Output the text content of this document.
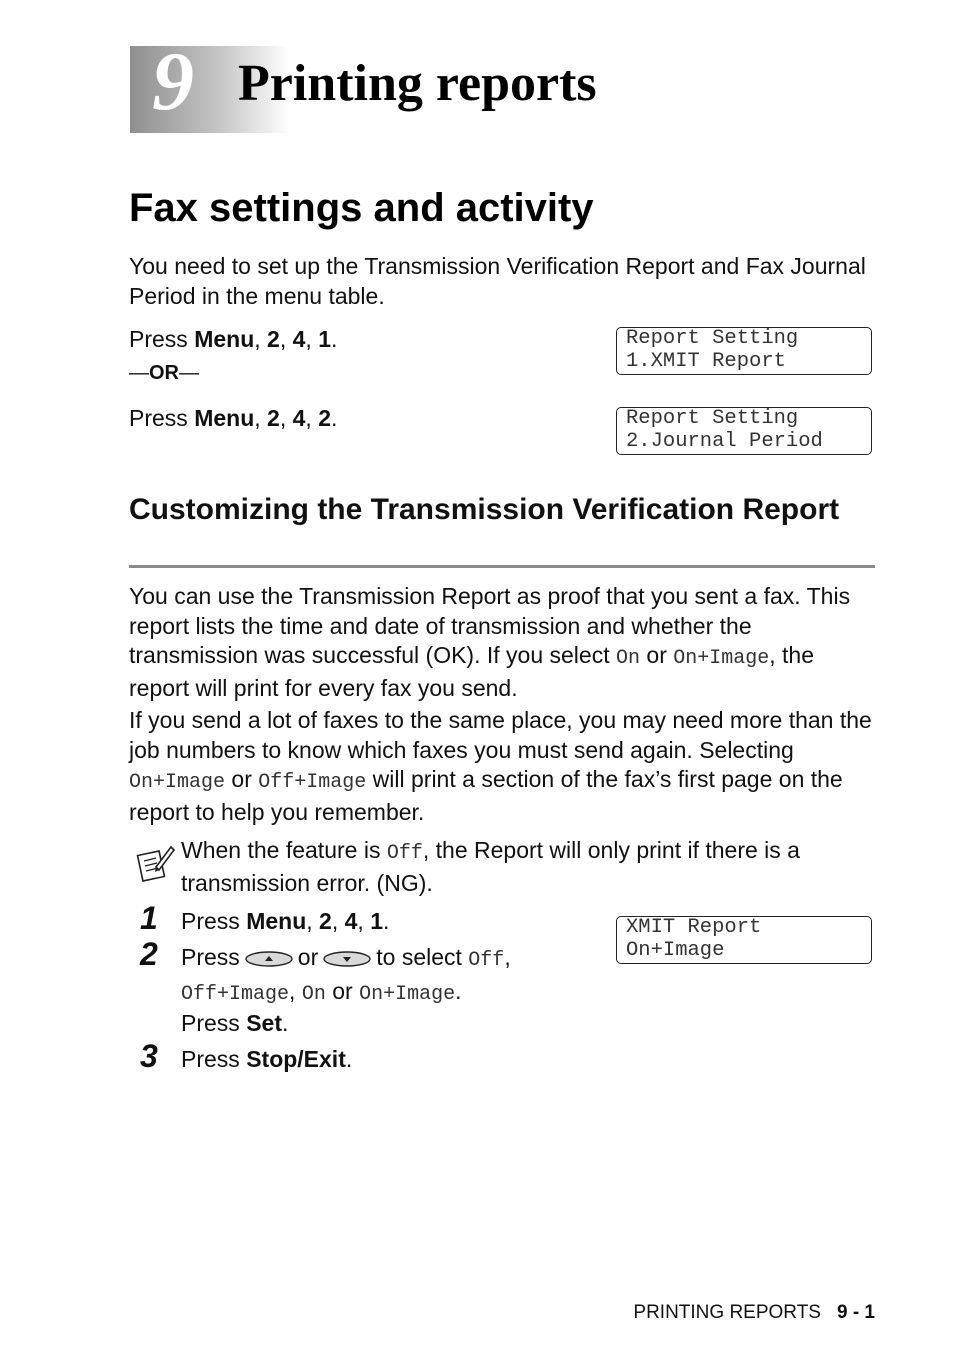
9 Printing reports
Fax settings and activity

You need to set up the Transmission Verification Report and Fax Journal Period in the menu table.

Press Menu, 2, 4, 1.
—OR—
Press Menu, 2, 4, 2.
Report Setting
1.XMIT Report
Report Setting
2.Journal Period
Customizing the Transmission Verification Report

You can use the Transmission Report as proof that you sent a fax. This report lists the time and date of transmission and whether the transmission was successful (OK). If you select On or On+Image, the report will print for every fax you send.

If you send a lot of faxes to the same place, you may need more than the job numbers to know which faxes you must send again. Selecting On+Image or Off+Image will print a section of the fax’s first page on the report to help you remember.

When the feature is Off, the Report will only print if there is a transmission error. (NG).

1 Press Menu, 2, 4, 1.
2 Press	or	to select Off,
Off+Image, On or On+Image.
Press Set.
3 Press Stop/Exit.
XMIT Report
On+Image
PRINTING REPORTS 9 - 1
